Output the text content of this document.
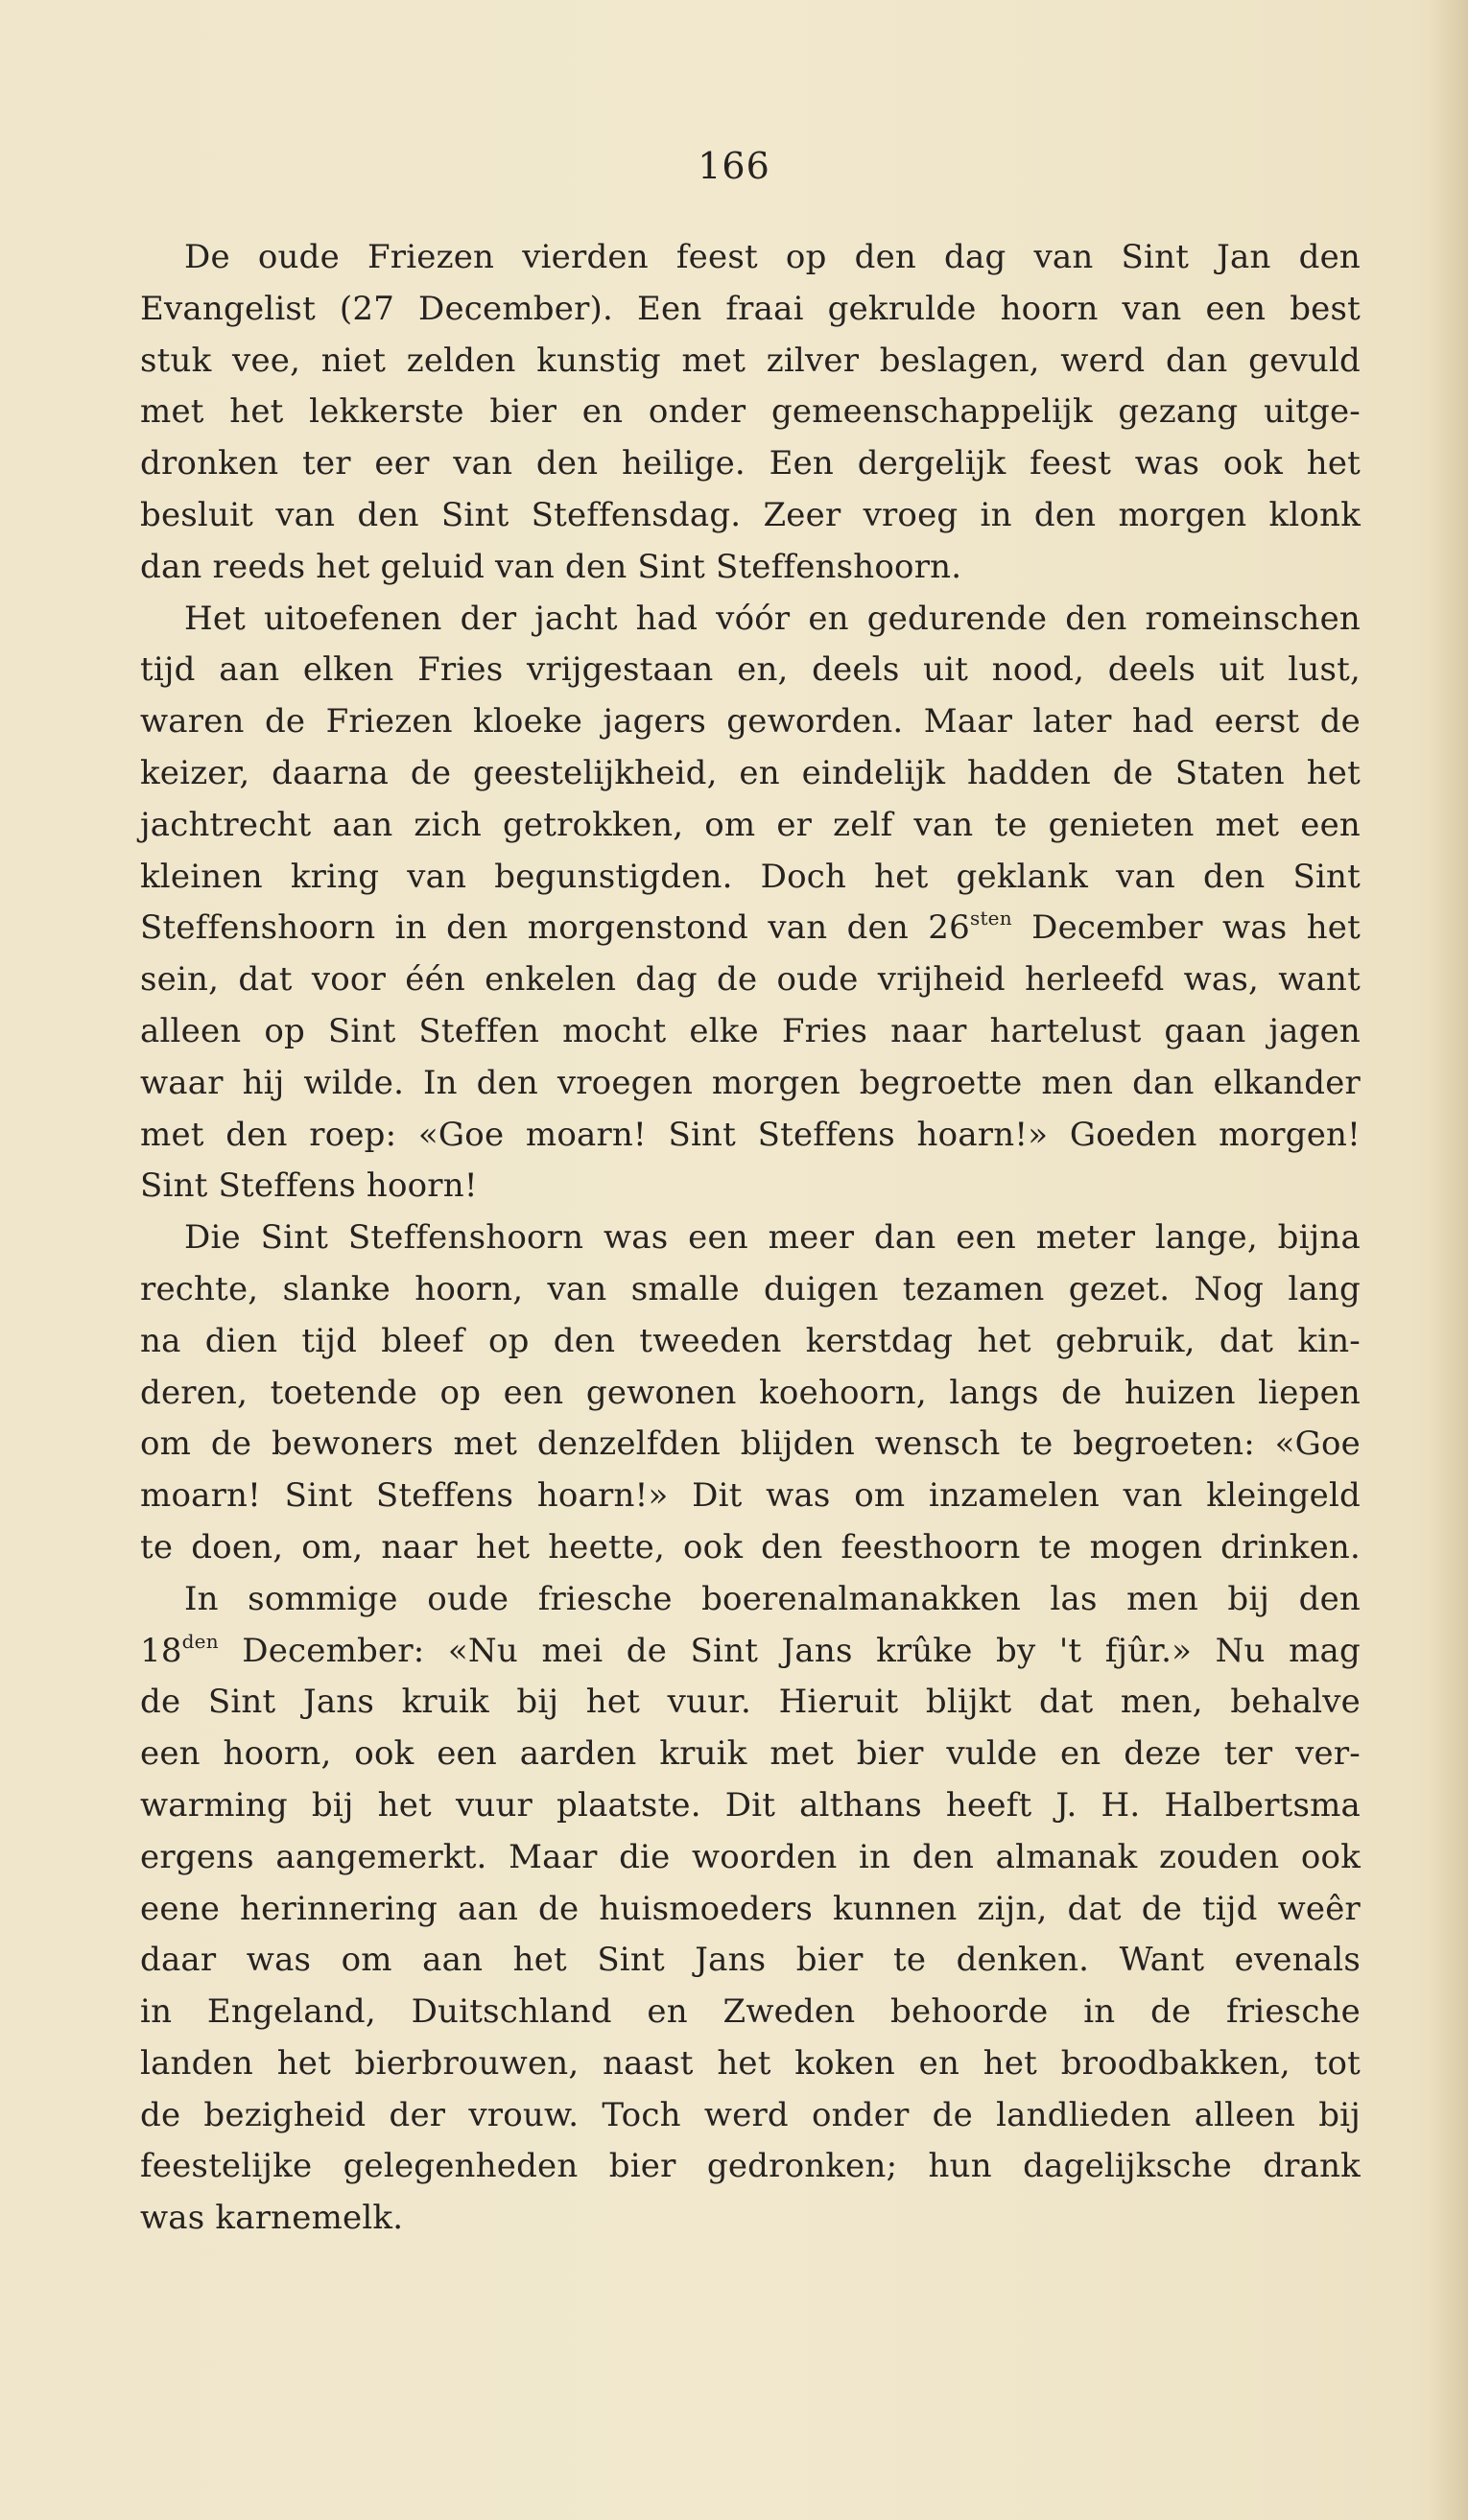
166
De oude Friezen vierden feest op den dag van Sint Jan den
Evangelist (27 December). Een fraai gekrulde hoorn van een best
stuk vee, niet zelden kunstig met zilver beslagen, werd dan gevuld
met het lekkerste bier en onder gemeenschappelijk gezang uitge-
dronken ter eer van den heilige. Een dergelijk feest was ook het
besluit van den Sint Steffensdag. Zeer vroeg in den morgen klonk
dan reeds het geluid van den Sint Steffenshoorn.
Het uitoefenen der jacht had vóór en gedurende den romeinschen
tijd aan elken Fries vrijgestaan en, deels uit nood, deels uit lust,
waren de Friezen kloeke jagers geworden. Maar later had eerst de
keizer, daarna de geestelijkheid, en eindelijk hadden de Staten het
jachtrecht aan zich getrokken, om er zelf van te genieten met een
kleinen kring van begunstigden. Doch het geklank van den Sint
Steffenshoorn in den morgenstond van den $26^{sten}$ December was het
sein, dat voor één enkelen dag de oude vrijheid herleefd was, want
alleen op Sint Steffen mocht elke Fries naar hartelust gaan jagen
waar hij wilde. In den vroegen morgen begroette men dan elkander
met den roep: «Goe moarn! Sint Steffens hoarn!» Goeden morgen!
Sint Steffens hoorn!
Die Sint Steffenshoorn was een meer dan een meter lange, bijna
rechte, slanke hoorn, van smalle duigen tezamen gezet. Nog lang
na dien tijd bleef op den tweeden kerstdag het gebruik, dat kin-
deren, toetende op een gewonen koehoorn, langs de huizen liepen
om de bewoners met denzelfden blijden wensch te begroeten: «Goe
moarn! Sint Steffens hoarn!» Dit was om inzamelen van kleingeld
te doen, om, naar het heette, ook den feesthoorn te mogen drinken.
In sommige oude friesche boerenalmanakken las men bij den
$18^{den}$ December: «Nu mei de Sint Jans krûke by 't fjûr.» Nu mag
de Sint Jans kruik bij het vuur. Hieruit blijkt dat men, behalve
een hoorn, ook een aarden kruik met bier vulde en deze ter ver-
warming bij het vuur plaatste. Dit althans heeft J. H. Halbertsma
ergens aangemerkt. Maar die woorden in den almanak zouden ook
eene herinnering aan de huismoeders kunnen zijn, dat de tijd weêr
daar was om aan het Sint Jans bier te denken. Want evenals
in Engeland, Duitschland en Zweden behoorde in de friesche
landen het bierbrouwen, naast het koken en het broodbakken, tot
de bezigheid der vrouw. Toch werd onder de landlieden alleen bij
feestelijke gelegenheden bier gedronken; hun dagelijksche drank
was karnemelk.
